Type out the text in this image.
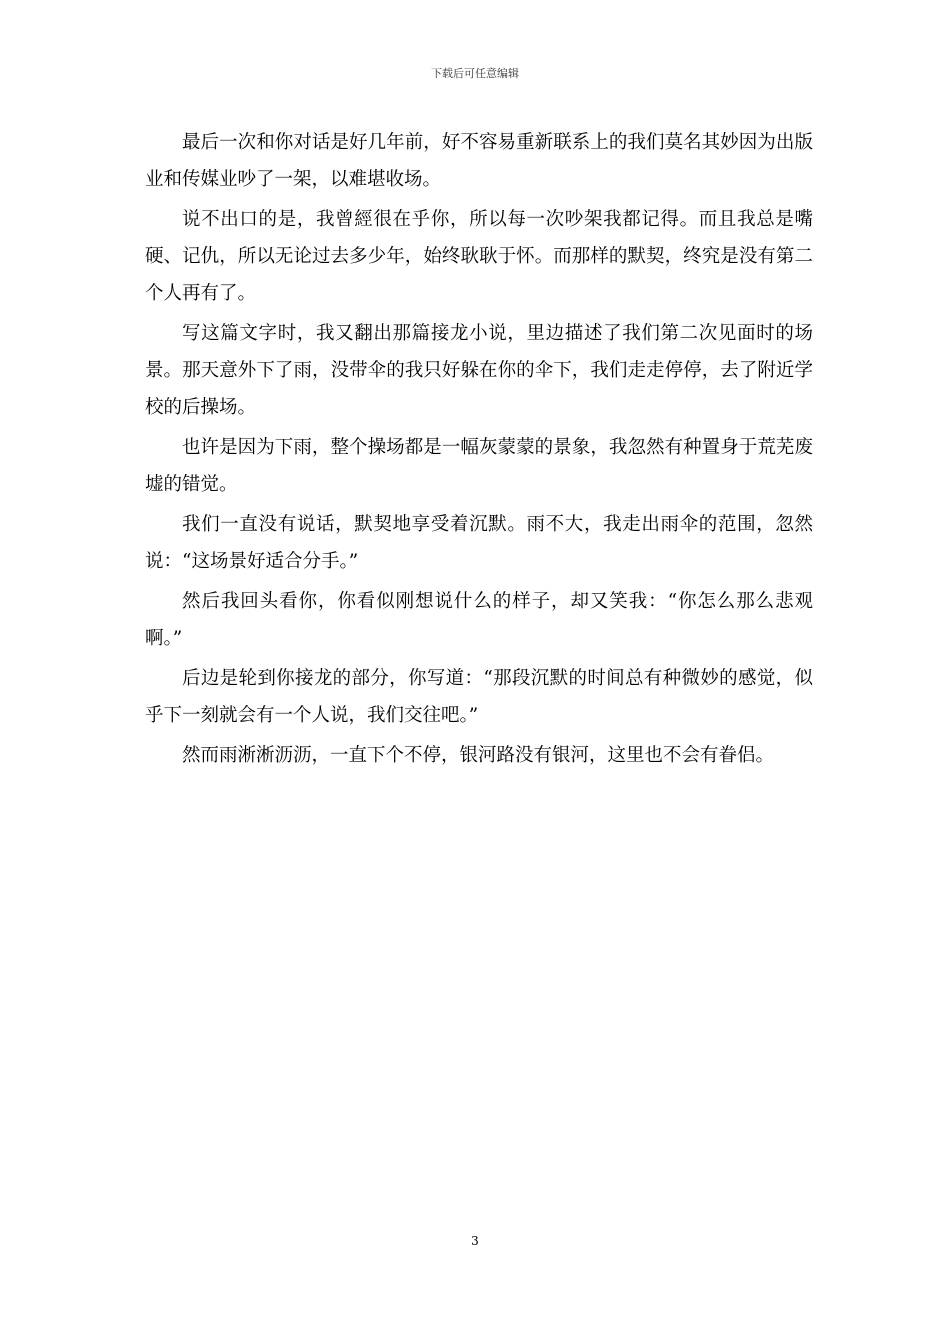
下载后可任意编辑

最后一次和你对话是好几年前，好不容易重新联系上的我们莫名其妙因为出版业和传媒业吵了一架，以难堪收场。

说不出口的是，我曾經很在乎你，所以每一次吵架我都记得。而且我总是嘴硬、记仇，所以无论过去多少年，始终耿耿于怀。而那样的默契，终究是没有第二个人再有了。

写这篇文字时，我又翻出那篇接龙小说，里边描述了我们第二次见面时的场景。那天意外下了雨，没带伞的我只好躲在你的伞下，我们走走停停，去了附近学校的后操场。

也许是因为下雨，整个操场都是一幅灰蒙蒙的景象，我忽然有种置身于荒芜废墟的错觉。

我们一直没有说话，默契地享受着沉默。雨不大，我走出雨伞的范围，忽然说：“这场景好适合分手。”

然后我回头看你，你看似刚想说什么的样子，却又笑我：“你怎么那么悲观啊。”

后边是轮到你接龙的部分，你写道：“那段沉默的时间总有种微妙的感觉，似乎下一刻就会有一个人说，我们交往吧。”

然而雨淅淅沥沥，一直下个不停，银河路没有银河，这里也不会有眷侣。

3
